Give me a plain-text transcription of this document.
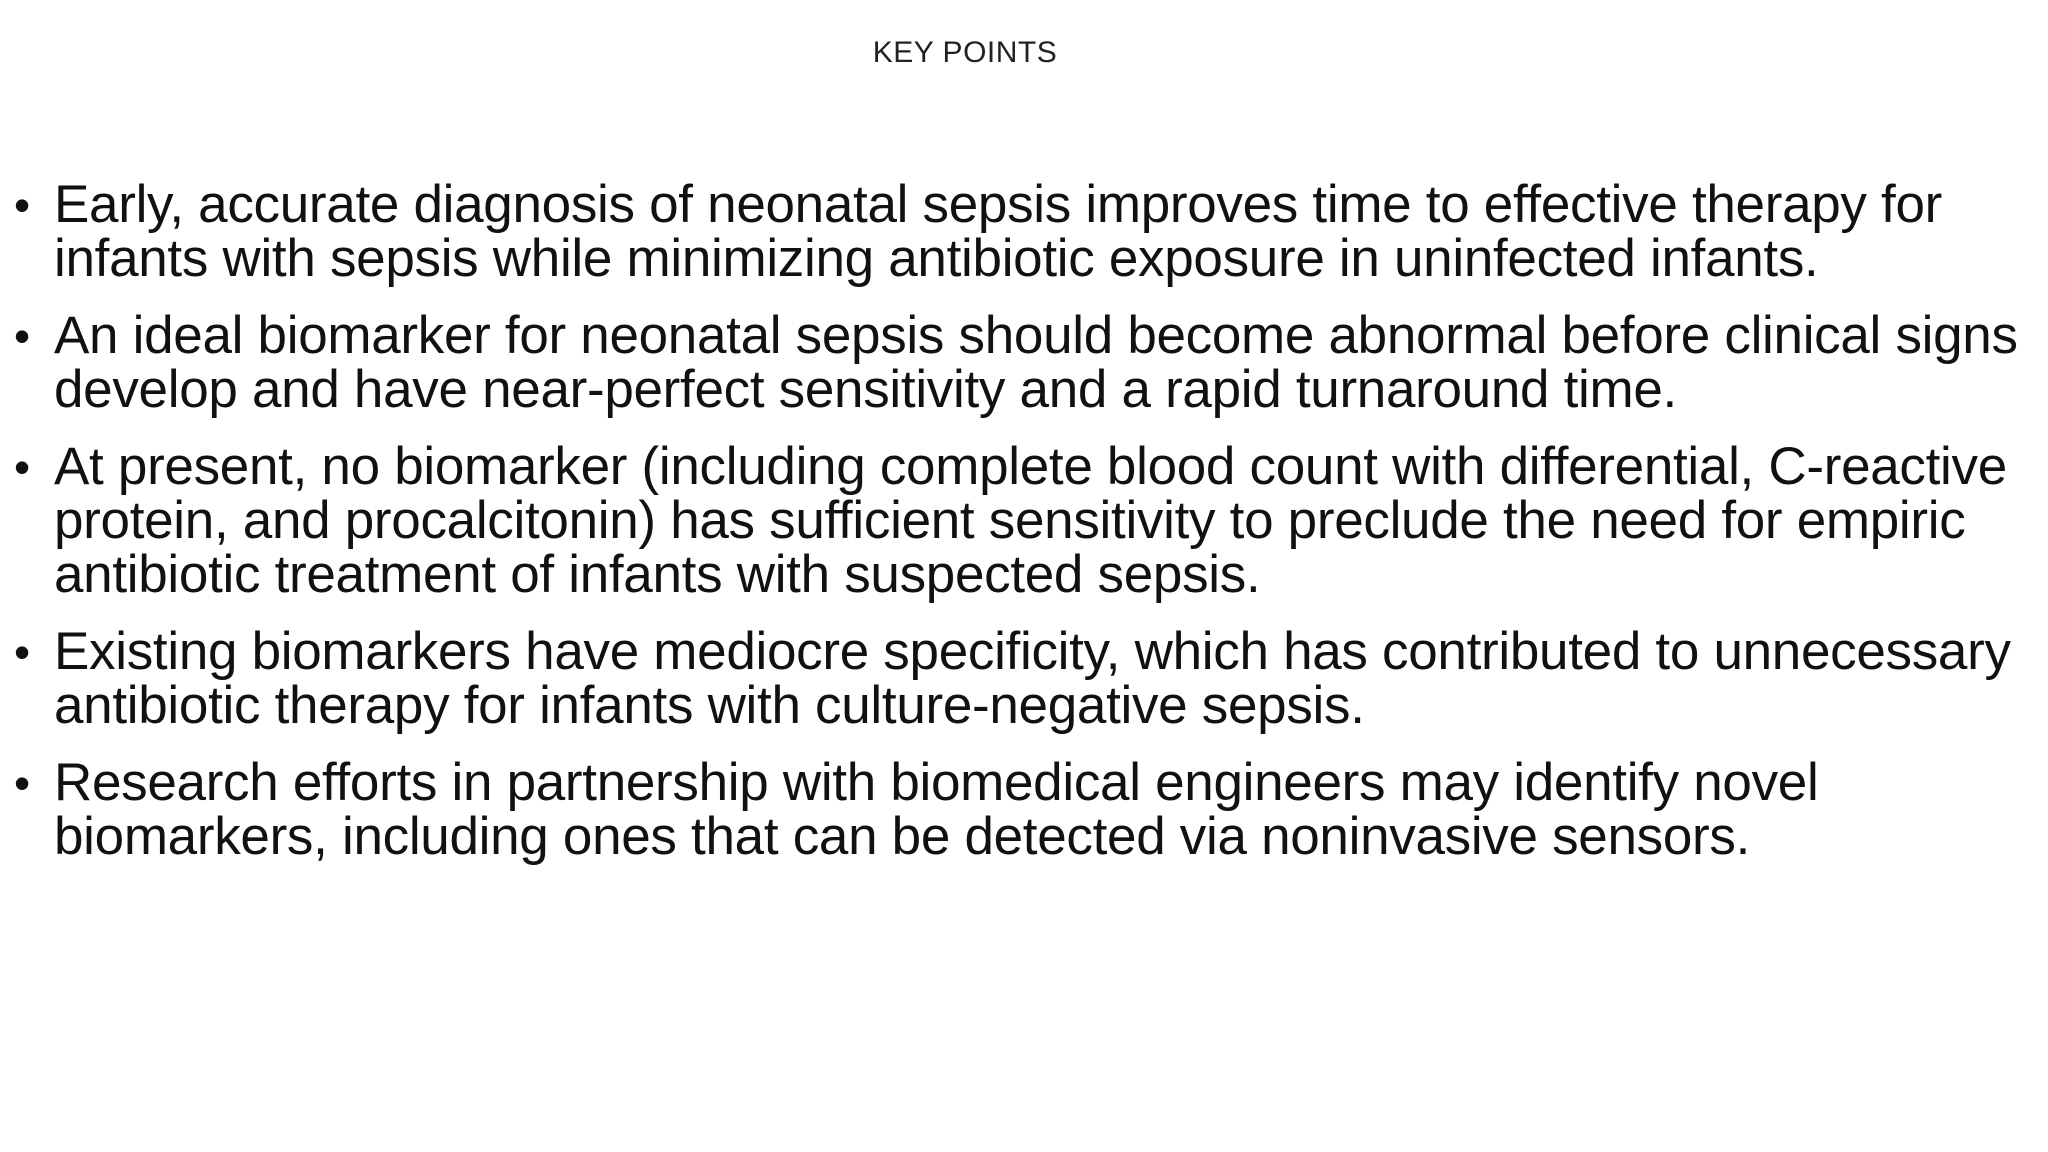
KEY POINTS
• Early, accurate diagnosis of neonatal sepsis improves time to effective therapy for infants with sepsis while minimizing antibiotic exposure in uninfected infants.
• An ideal biomarker for neonatal sepsis should become abnormal before clinical signs develop and have near-perfect sensitivity and a rapid turnaround time.
• At present, no biomarker (including complete blood count with differential, C-reactive protein, and procalcitonin) has sufficient sensitivity to preclude the need for empiric antibiotic treatment of infants with suspected sepsis.
• Existing biomarkers have mediocre specificity, which has contributed to unnecessary antibiotic therapy for infants with culture-negative sepsis.
• Research efforts in partnership with biomedical engineers may identify novel biomarkers, including ones that can be detected via noninvasive sensors.
